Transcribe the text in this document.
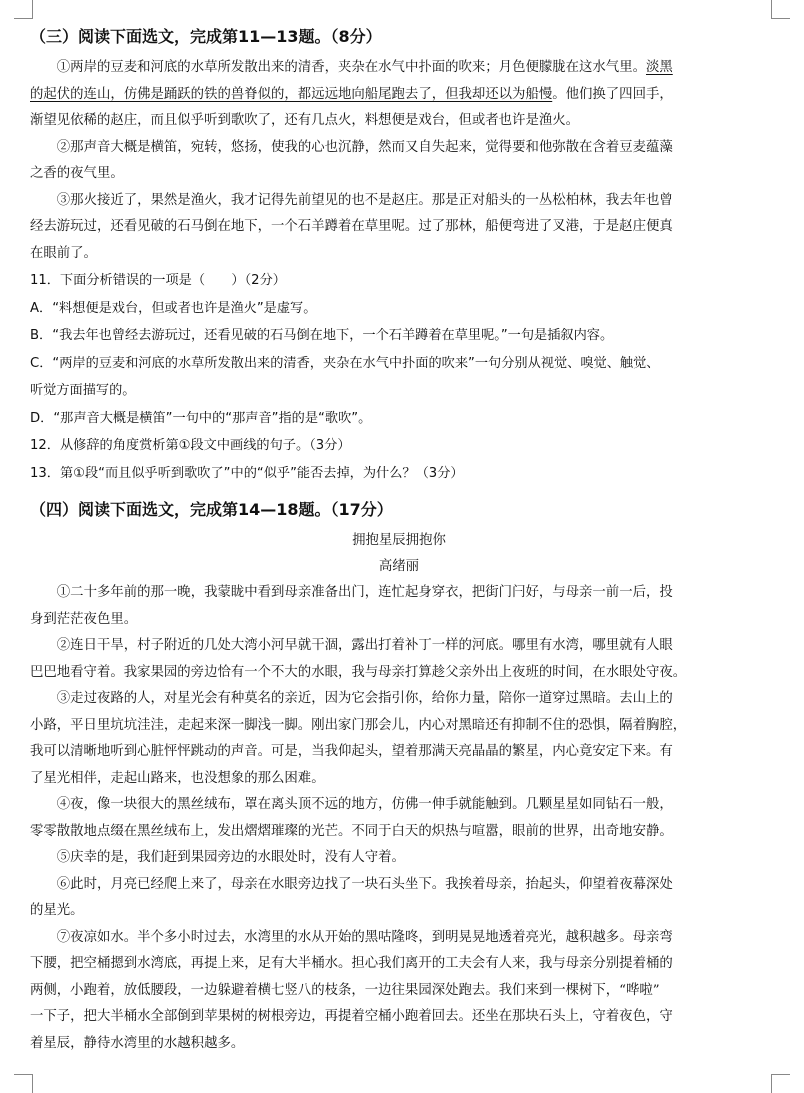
（三）阅读下面选文，完成第11—13题。（8分）

①两岸的豆麦和河底的水草所发散出来的清香，夹杂在水气中扑面的吹来；月色便朦胧在这水气里。淡黑

的起伏的连山，仿佛是踊跃的铁的兽脊似的，都远远地向船尾跑去了，但我却还以为船慢。他们换了四回手，

渐望见依稀的赵庄，而且似乎听到歌吹了，还有几点火，料想便是戏台，但或者也许是渔火。

②那声音大概是横笛，宛转，悠扬，使我的心也沉静，然而又自失起来，觉得要和他弥散在含着豆麦蕴藻

之香的夜气里。

③那火接近了，果然是渔火，我才记得先前望见的也不是赵庄。那是正对船头的一丛松柏林，我去年也曾

经去游玩过，还看见破的石马倒在地下，一个石羊蹲着在草里呢。过了那林，船便弯进了叉港，于是赵庄便真

在眼前了。

11．下面分析错误的一项是（　　）（2分）

A．“料想便是戏台，但或者也许是渔火”是虚写。

B．“我去年也曾经去游玩过，还看见破的石马倒在地下，一个石羊蹲着在草里呢。”一句是插叙内容。

C．“两岸的豆麦和河底的水草所发散出来的清香，夹杂在水气中扑面的吹来”一句分别从视觉、嗅觉、触觉、

听觉方面描写的。

D．“那声音大概是横笛”一句中的“那声音”指的是“歌吹”。

12．从修辞的角度赏析第①段文中画线的句子。（3分）

13．第①段“而且似乎听到歌吹了”中的“似乎”能否去掉，为什么？（3分）

（四）阅读下面选文，完成第14—18题。（17分）

拥抱星辰拥抱你

高绪丽

①二十多年前的那一晚，我蒙眬中看到母亲准备出门，连忙起身穿衣，把街门闩好，与母亲一前一后，投

身到茫茫夜色里。

②连日干旱，村子附近的几处大湾小河早就干涸，露出打着补丁一样的河底。哪里有水湾，哪里就有人眼

巴巴地看守着。我家果园的旁边恰有一个不大的水眼，我与母亲打算趁父亲外出上夜班的时间，在水眼处守夜。

③走过夜路的人，对星光会有种莫名的亲近，因为它会指引你，给你力量，陪你一道穿过黑暗。去山上的

小路，平日里坑坑洼洼，走起来深一脚浅一脚。刚出家门那会儿，内心对黑暗还有抑制不住的恐惧，隔着胸腔，

我可以清晰地听到心脏怦怦跳动的声音。可是，当我仰起头，望着那满天亮晶晶的繁星，内心竟安定下来。有

了星光相伴，走起山路来，也没想象的那么困难。

④夜，像一块很大的黑丝绒布，罩在离头顶不远的地方，仿佛一伸手就能触到。几颗星星如同钻石一般，

零零散散地点缀在黑丝绒布上，发出熠熠璀璨的光芒。不同于白天的炽热与喧嚣，眼前的世界，出奇地安静。

⑤庆幸的是，我们赶到果园旁边的水眼处时，没有人守着。

⑥此时，月亮已经爬上来了，母亲在水眼旁边找了一块石头坐下。我挨着母亲，抬起头，仰望着夜幕深处

的星光。

⑦夜凉如水。半个多小时过去，水湾里的水从开始的黑咕隆咚，到明晃晃地透着亮光，越积越多。母亲弯

下腰，把空桶摁到水湾底，再提上来，足有大半桶水。担心我们离开的工夫会有人来，我与母亲分别提着桶的

两侧，小跑着，放低腰段，一边躲避着横七竖八的枝条，一边往果园深处跑去。我们来到一棵树下，“哗啦”

一下子，把大半桶水全部倒到苹果树的树根旁边，再提着空桶小跑着回去。还坐在那块石头上，守着夜色，守

着星辰，静待水湾里的水越积越多。
